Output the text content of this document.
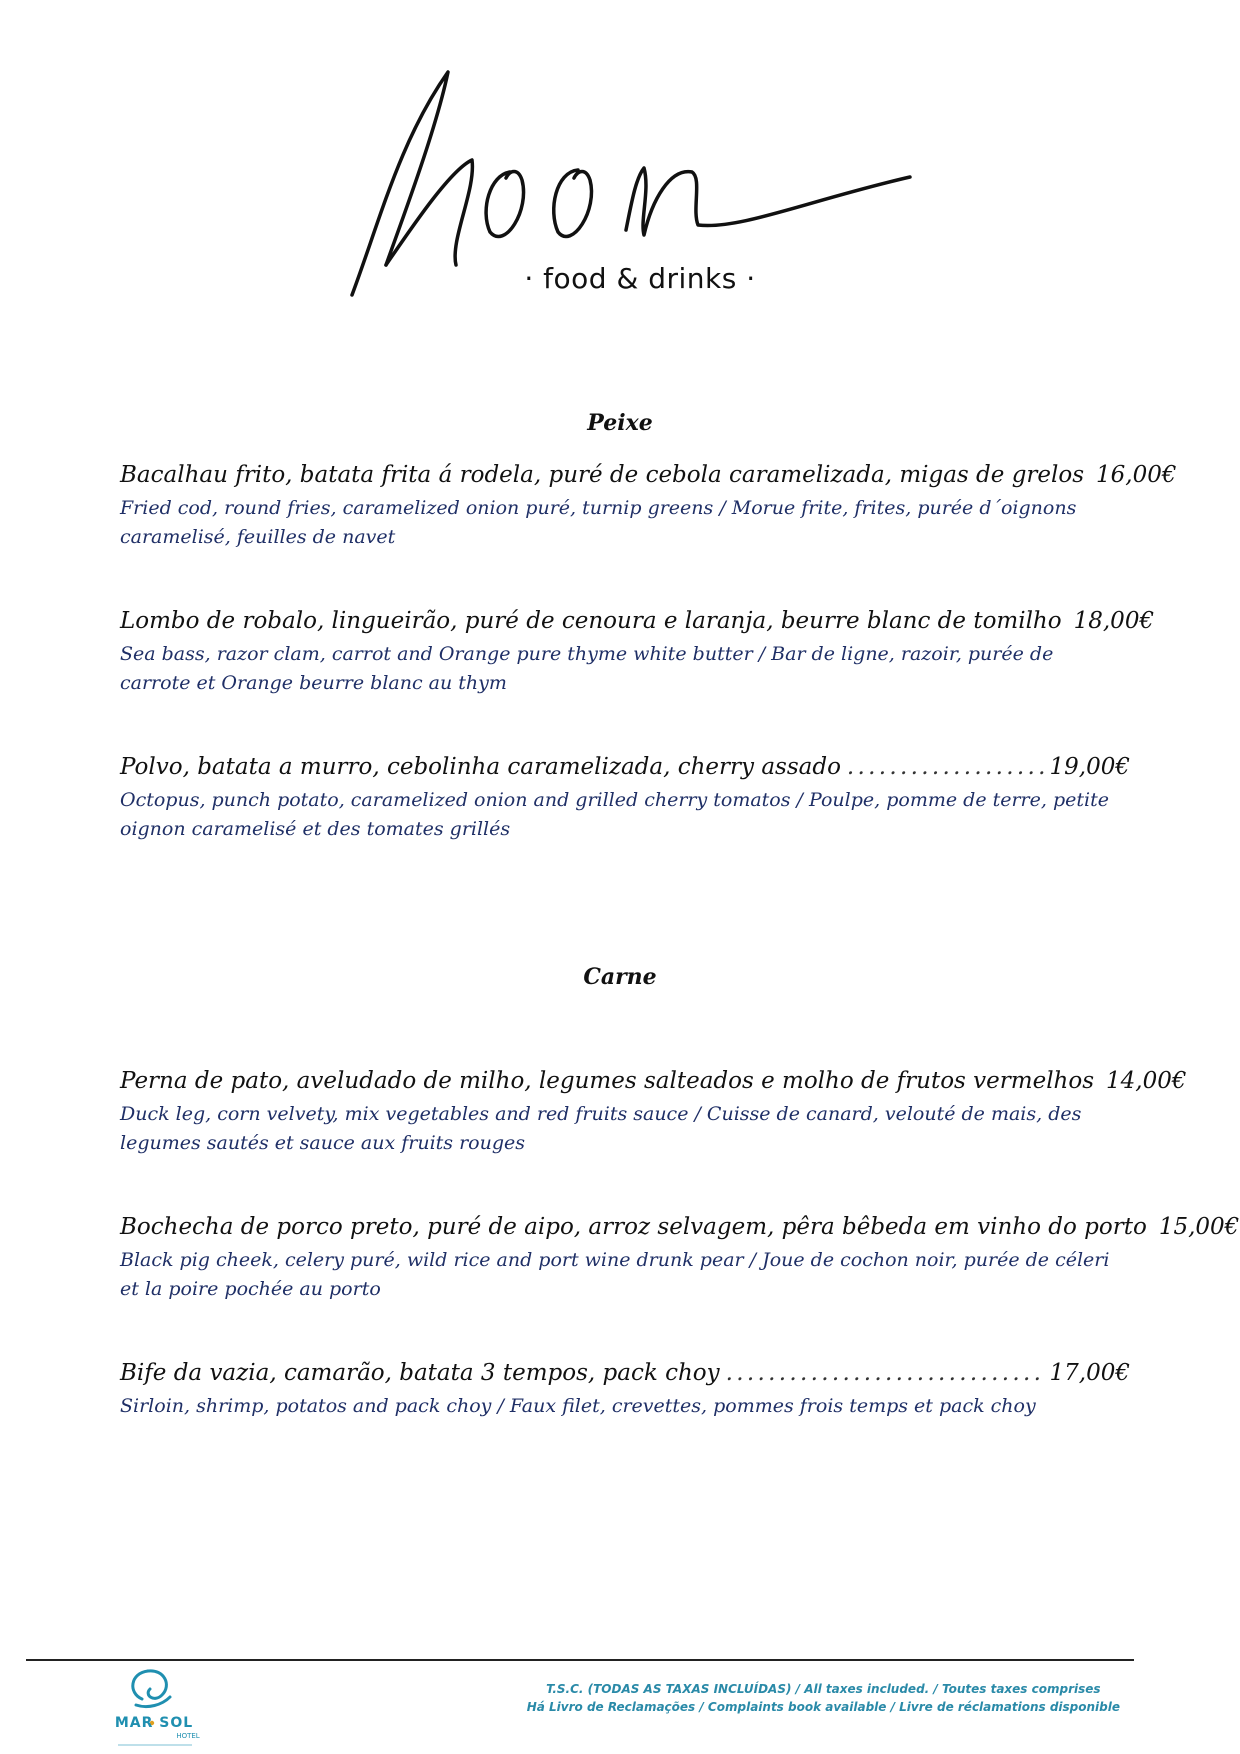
· food & drinks ·
Peixe
Bacalhau frito, batata frita á rodela, puré de cebola caramelizada, migas de grelos 16,00€
Fried cod, round fries, caramelized onion puré, turnip greens / Morue frite, frites, purée d´oignons caramelisé, feuilles de navet
Lombo de robalo, lingueirão, puré de cenoura e laranja, beurre blanc de tomilho 18,00€
Sea bass, razor clam, carrot and Orange pure thyme white butter / Bar de ligne, razoir, purée de carrote et Orange beurre blanc au thym
Polvo, batata a murro, cebolinha caramelizada, cherry assado . . .	19,00€
Octopus, punch potato, caramelized onion and grilled cherry tomatos / Poulpe, pomme de terre, petite oignon caramelisé et des tomates grillés
Carne
Perna de pato, aveludado de milho, legumes salteados e molho de frutos vermelhos 14,00€
Duck leg, corn velvety, mix vegetables and red fruits sauce / Cuisse de canard, velouté de mais, des legumes sautés et sauce aux fruits rouges
Bochecha de porco preto, puré de aipo, arroz selvagem, pêra bêbeda em vinho do porto 15,00€
Black pig cheek, celery puré, wild rice and port wine drunk pear / Joue de cochon noir, purée de céleri et la poire pochée au porto
Bife da vazia, camarão, batata 3 tempos, pack choy . . .	17,00€
Sirloin, shrimp, potatos and pack choy / Faux filet, crevettes, pommes frois temps et pack choy
MAR SOL
HOTEL
T.S.C. (TODAS AS TAXAS INCLUÍDAS) / All taxes included. / Toutes taxes comprises
Há Livro de Reclamações / Complaints book available / Livre de réclamations disponible
